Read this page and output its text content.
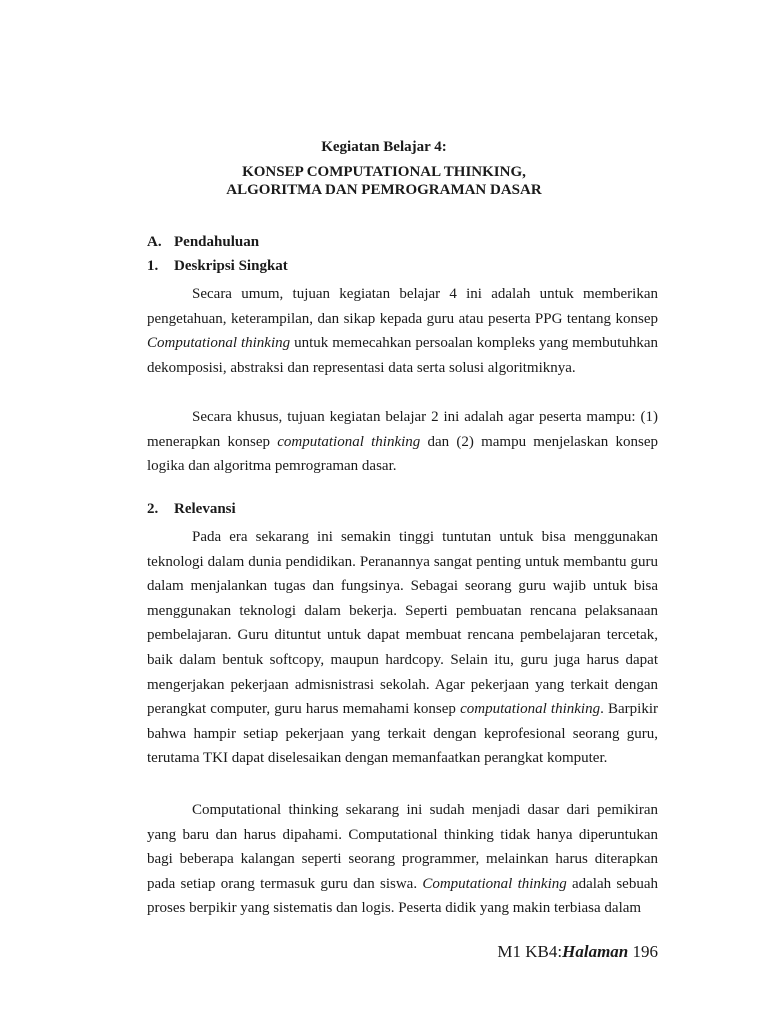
Kegiatan Belajar 4:

KONSEP COMPUTATIONAL THINKING,

ALGORITMA DAN PEMROGRAMAN DASAR

A. Pendahuluan

1. Deskripsi Singkat

Secara umum, tujuan kegiatan belajar 4 ini adalah untuk memberikan pengetahuan, keterampilan, dan sikap kepada guru atau peserta PPG tentang konsep Computational thinking untuk memecahkan persoalan kompleks yang membutuhkan dekomposisi, abstraksi dan representasi data serta solusi algoritmiknya.

Secara khusus, tujuan kegiatan belajar 2 ini adalah agar peserta mampu: (1) menerapkan konsep computational thinking dan (2) mampu menjelaskan konsep logika dan algoritma pemrograman dasar.

2. Relevansi

Pada era sekarang ini semakin tinggi tuntutan untuk bisa menggunakan teknologi dalam dunia pendidikan. Peranannya sangat penting untuk membantu guru dalam menjalankan tugas dan fungsinya. Sebagai seorang guru wajib untuk bisa menggunakan teknologi dalam bekerja. Seperti pembuatan rencana pelaksanaan pembelajaran. Guru dituntut untuk dapat membuat rencana pembelajaran tercetak, baik dalam bentuk softcopy, maupun hardcopy. Selain itu, guru juga harus dapat mengerjakan pekerjaan admisnistrasi sekolah. Agar pekerjaan yang terkait dengan perangkat computer, guru harus memahami konsep computational thinking. Barpikir bahwa hampir setiap pekerjaan yang terkait dengan keprofesional seorang guru, terutama TKI dapat diselesaikan dengan memanfaatkan perangkat komputer.

Computational thinking sekarang ini sudah menjadi dasar dari pemikiran yang baru dan harus dipahami. Computational thinking tidak hanya diperuntukan bagi beberapa kalangan seperti seorang programmer, melainkan harus diterapkan pada setiap orang termasuk guru dan siswa. Computational thinking adalah sebuah proses berpikir yang sistematis dan logis. Peserta didik yang makin terbiasa dalam

M1 KB4:Halaman 196
